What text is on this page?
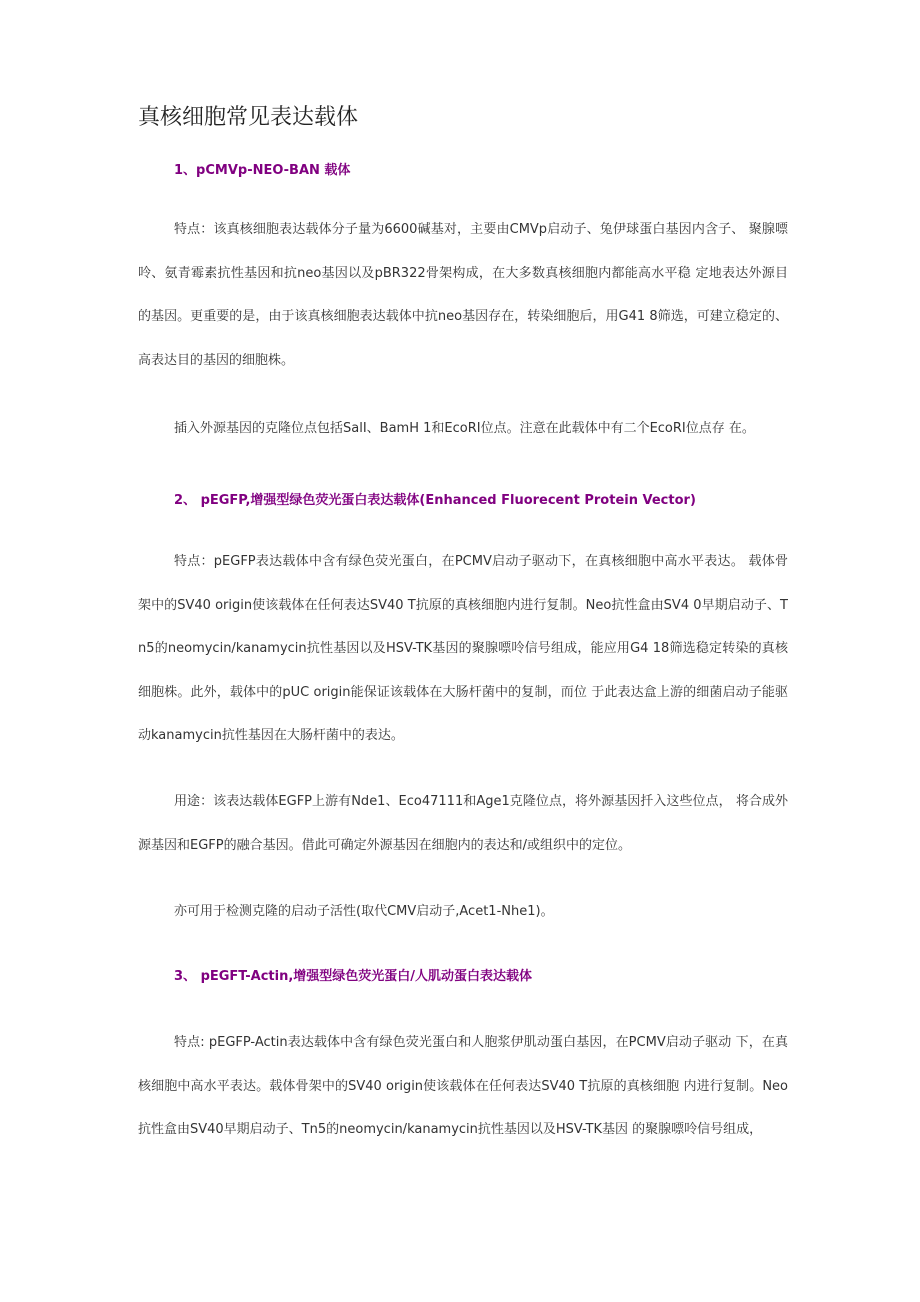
真核细胞常见表达载体
1、pCMVp-NEO-BAN 载体

特点：该真核细胞表达载体分子量为6600碱基对，主要由CMVp启动子、兔伊球蛋白基因内含子、 聚腺嘌呤、氨青霉素抗性基因和抗neo基因以及pBR322骨架构成，在大多数真核细胞内都能高水平稳 定地表达外源目的基因。更重要的是，由于该真核细胞表达载体中抗neo基因存在，转染细胞后，用G41 8筛选，可建立稳定的、高表达目的基因的细胞株。

插入外源基因的克隆位点包括SalI、BamH 1和EcoRI位点。注意在此载体中有二个EcoRI位点存 在。

2、 pEGFP,增强型绿色荧光蛋白表达载体(Enhanced Fluorecent Protein Vector)

特点：pEGFP表达载体中含有绿色荧光蛋白，在PCMV启动子驱动下，在真核细胞中高水平表达。 载体骨架中的SV40 origin使该载体在任何表达SV40 T抗原的真核细胞内进行复制。Neo抗性盒由SV4 0早期启动子、Tn5的neomycin/kanamycin抗性基因以及HSV-TK基因的聚腺嘌呤信号组成，能应用G4 18筛选稳定转染的真核细胞株。此外，载体中的pUC origin能保证该载体在大肠杆菌中的复制，而位 于此表达盒上游的细菌启动子能驱动kanamycin抗性基因在大肠杆菌中的表达。

用途：该表达载体EGFP上游有Nde1、Eco47111和Age1克隆位点，将外源基因扦入这些位点， 将合成外源基因和EGFP的融合基因。借此可确定外源基因在细胞内的表达和/或组织中的定位。

亦可用于检测克隆的启动子活性(取代CMV启动子,Acet1-Nhe1)。

3、 pEGFT-Actin,增强型绿色荧光蛋白/人肌动蛋白表达载体

特点: pEGFP-Actin表达载体中含有绿色荧光蛋白和人胞浆伊肌动蛋白基因，在PCMV启动子驱动 下，在真核细胞中高水平表达。载体骨架中的SV40 origin使该载体在任何表达SV40 T抗原的真核细胞 内进行复制。Neo抗性盒由SV40早期启动子、Tn5的neomycin/kanamycin抗性基因以及HSV-TK基因 的聚腺嘌呤信号组成，
